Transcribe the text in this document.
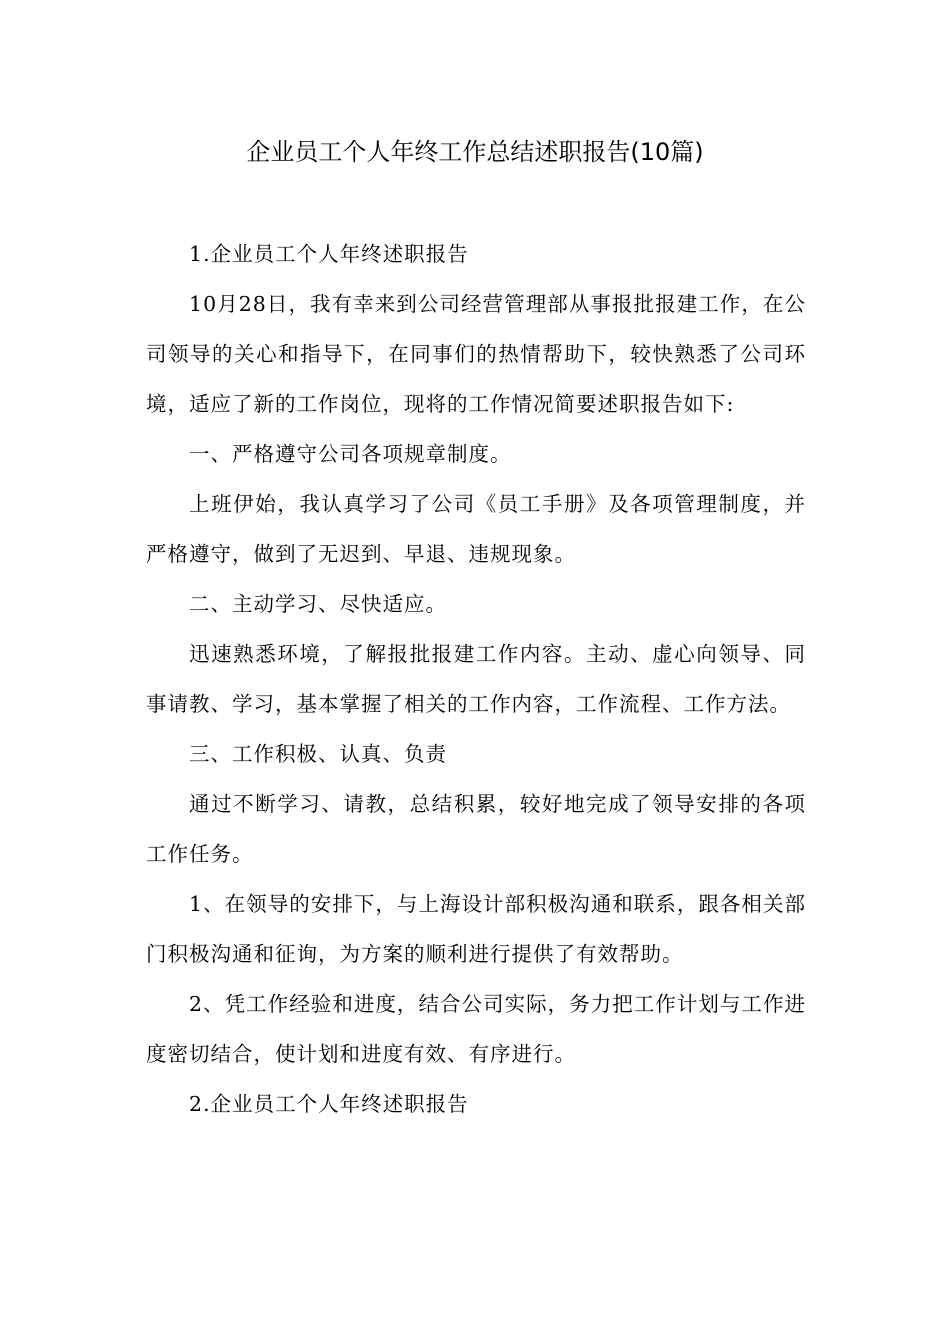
企业员工个人年终工作总结述职报告(10篇)

1.企业员工个人年终述职报告

10月28日，我有幸来到公司经营管理部从事报批报建工作，在公司领导的关心和指导下，在同事们的热情帮助下，较快熟悉了公司环境，适应了新的工作岗位，现将的工作情况简要述职报告如下:

一、严格遵守公司各项规章制度。

上班伊始，我认真学习了公司《员工手册》及各项管理制度，并严格遵守，做到了无迟到、早退、违规现象。

二、主动学习、尽快适应。

迅速熟悉环境，了解报批报建工作内容。主动、虚心向领导、同事请教、学习，基本掌握了相关的工作内容，工作流程、工作方法。

三、工作积极、认真、负责

通过不断学习、请教，总结积累，较好地完成了领导安排的各项工作任务。

1、在领导的安排下，与上海设计部积极沟通和联系，跟各相关部门积极沟通和征询，为方案的顺利进行提供了有效帮助。

2、凭工作经验和进度，结合公司实际，务力把工作计划与工作进度密切结合，使计划和进度有效、有序进行。

2.企业员工个人年终述职报告
